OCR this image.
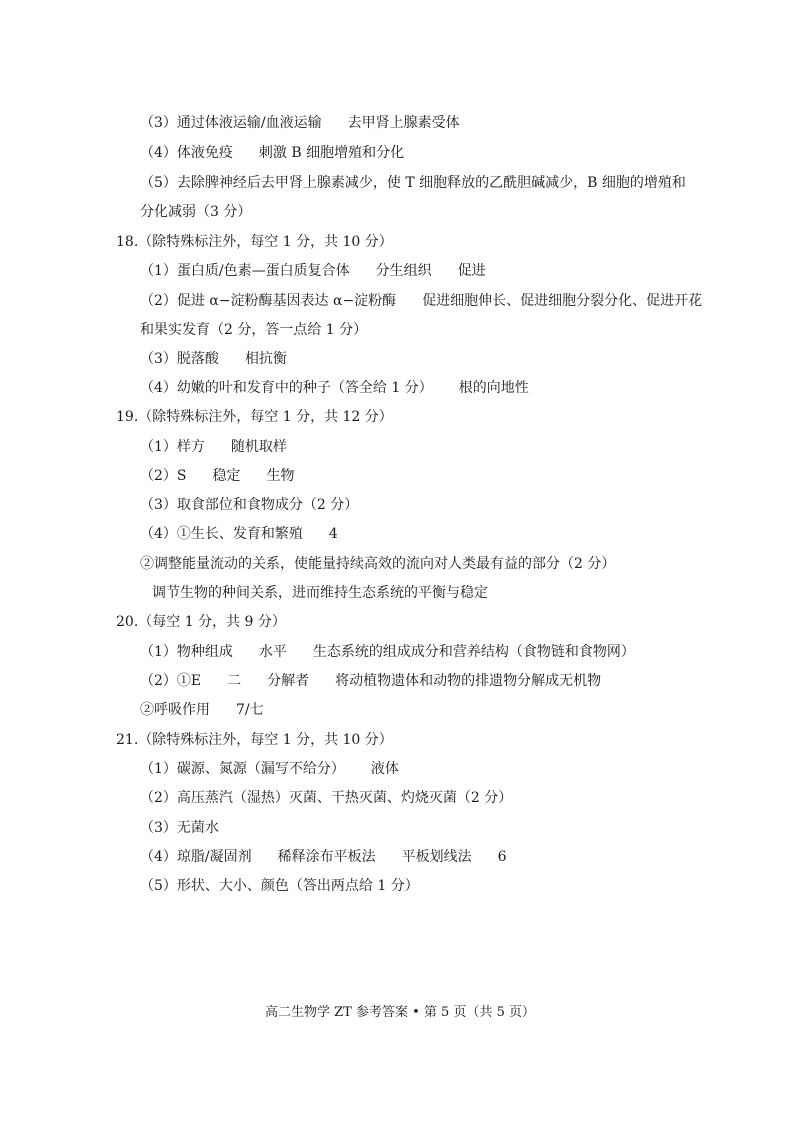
（3）通过体液运输/血液运输 去甲肾上腺素受体
（4）体液免疫 刺激 B 细胞增殖和分化
（5）去除脾神经后去甲肾上腺素减少，使 T 细胞释放的乙酰胆碱减少，B 细胞的增殖和
分化减弱（3 分）
18.（除特殊标注外，每空 1 分，共 10 分）
（1）蛋白质/色素—蛋白质复合体 分生组织 促进
（2）促进 α−淀粉酶基因表达 α−淀粉酶 促进细胞伸长、促进细胞分裂分化、促进开花
和果实发育（2 分，答一点给 1 分）
（3）脱落酸 相抗衡
（4）幼嫩的叶和发育中的种子（答全给 1 分） 根的向地性
19.（除特殊标注外，每空 1 分，共 12 分）
（1）样方 随机取样
（2）S 稳定 生物
（3）取食部位和食物成分（2 分）
（4）①生长、发育和繁殖 4
②调整能量流动的关系，使能量持续高效的流向对人类最有益的部分（2 分）
调节生物的种间关系，进而维持生态系统的平衡与稳定
20.（每空 1 分，共 9 分）
（1）物种组成 水平 生态系统的组成成分和营养结构（食物链和食物网）
（2）①E 二 分解者 将动植物遗体和动物的排遗物分解成无机物
②呼吸作用 7/七
21.（除特殊标注外，每空 1 分，共 10 分）
（1）碳源、氮源（漏写不给分） 液体
（2）高压蒸汽（湿热）灭菌、干热灭菌、灼烧灭菌（2 分）
（3）无菌水
（4）琼脂/凝固剂 稀释涂布平板法 平板划线法 6
（5）形状、大小、颜色（答出两点给 1 分）
高二生物学 ZT 参考答案 • 第 5 页（共 5 页）
